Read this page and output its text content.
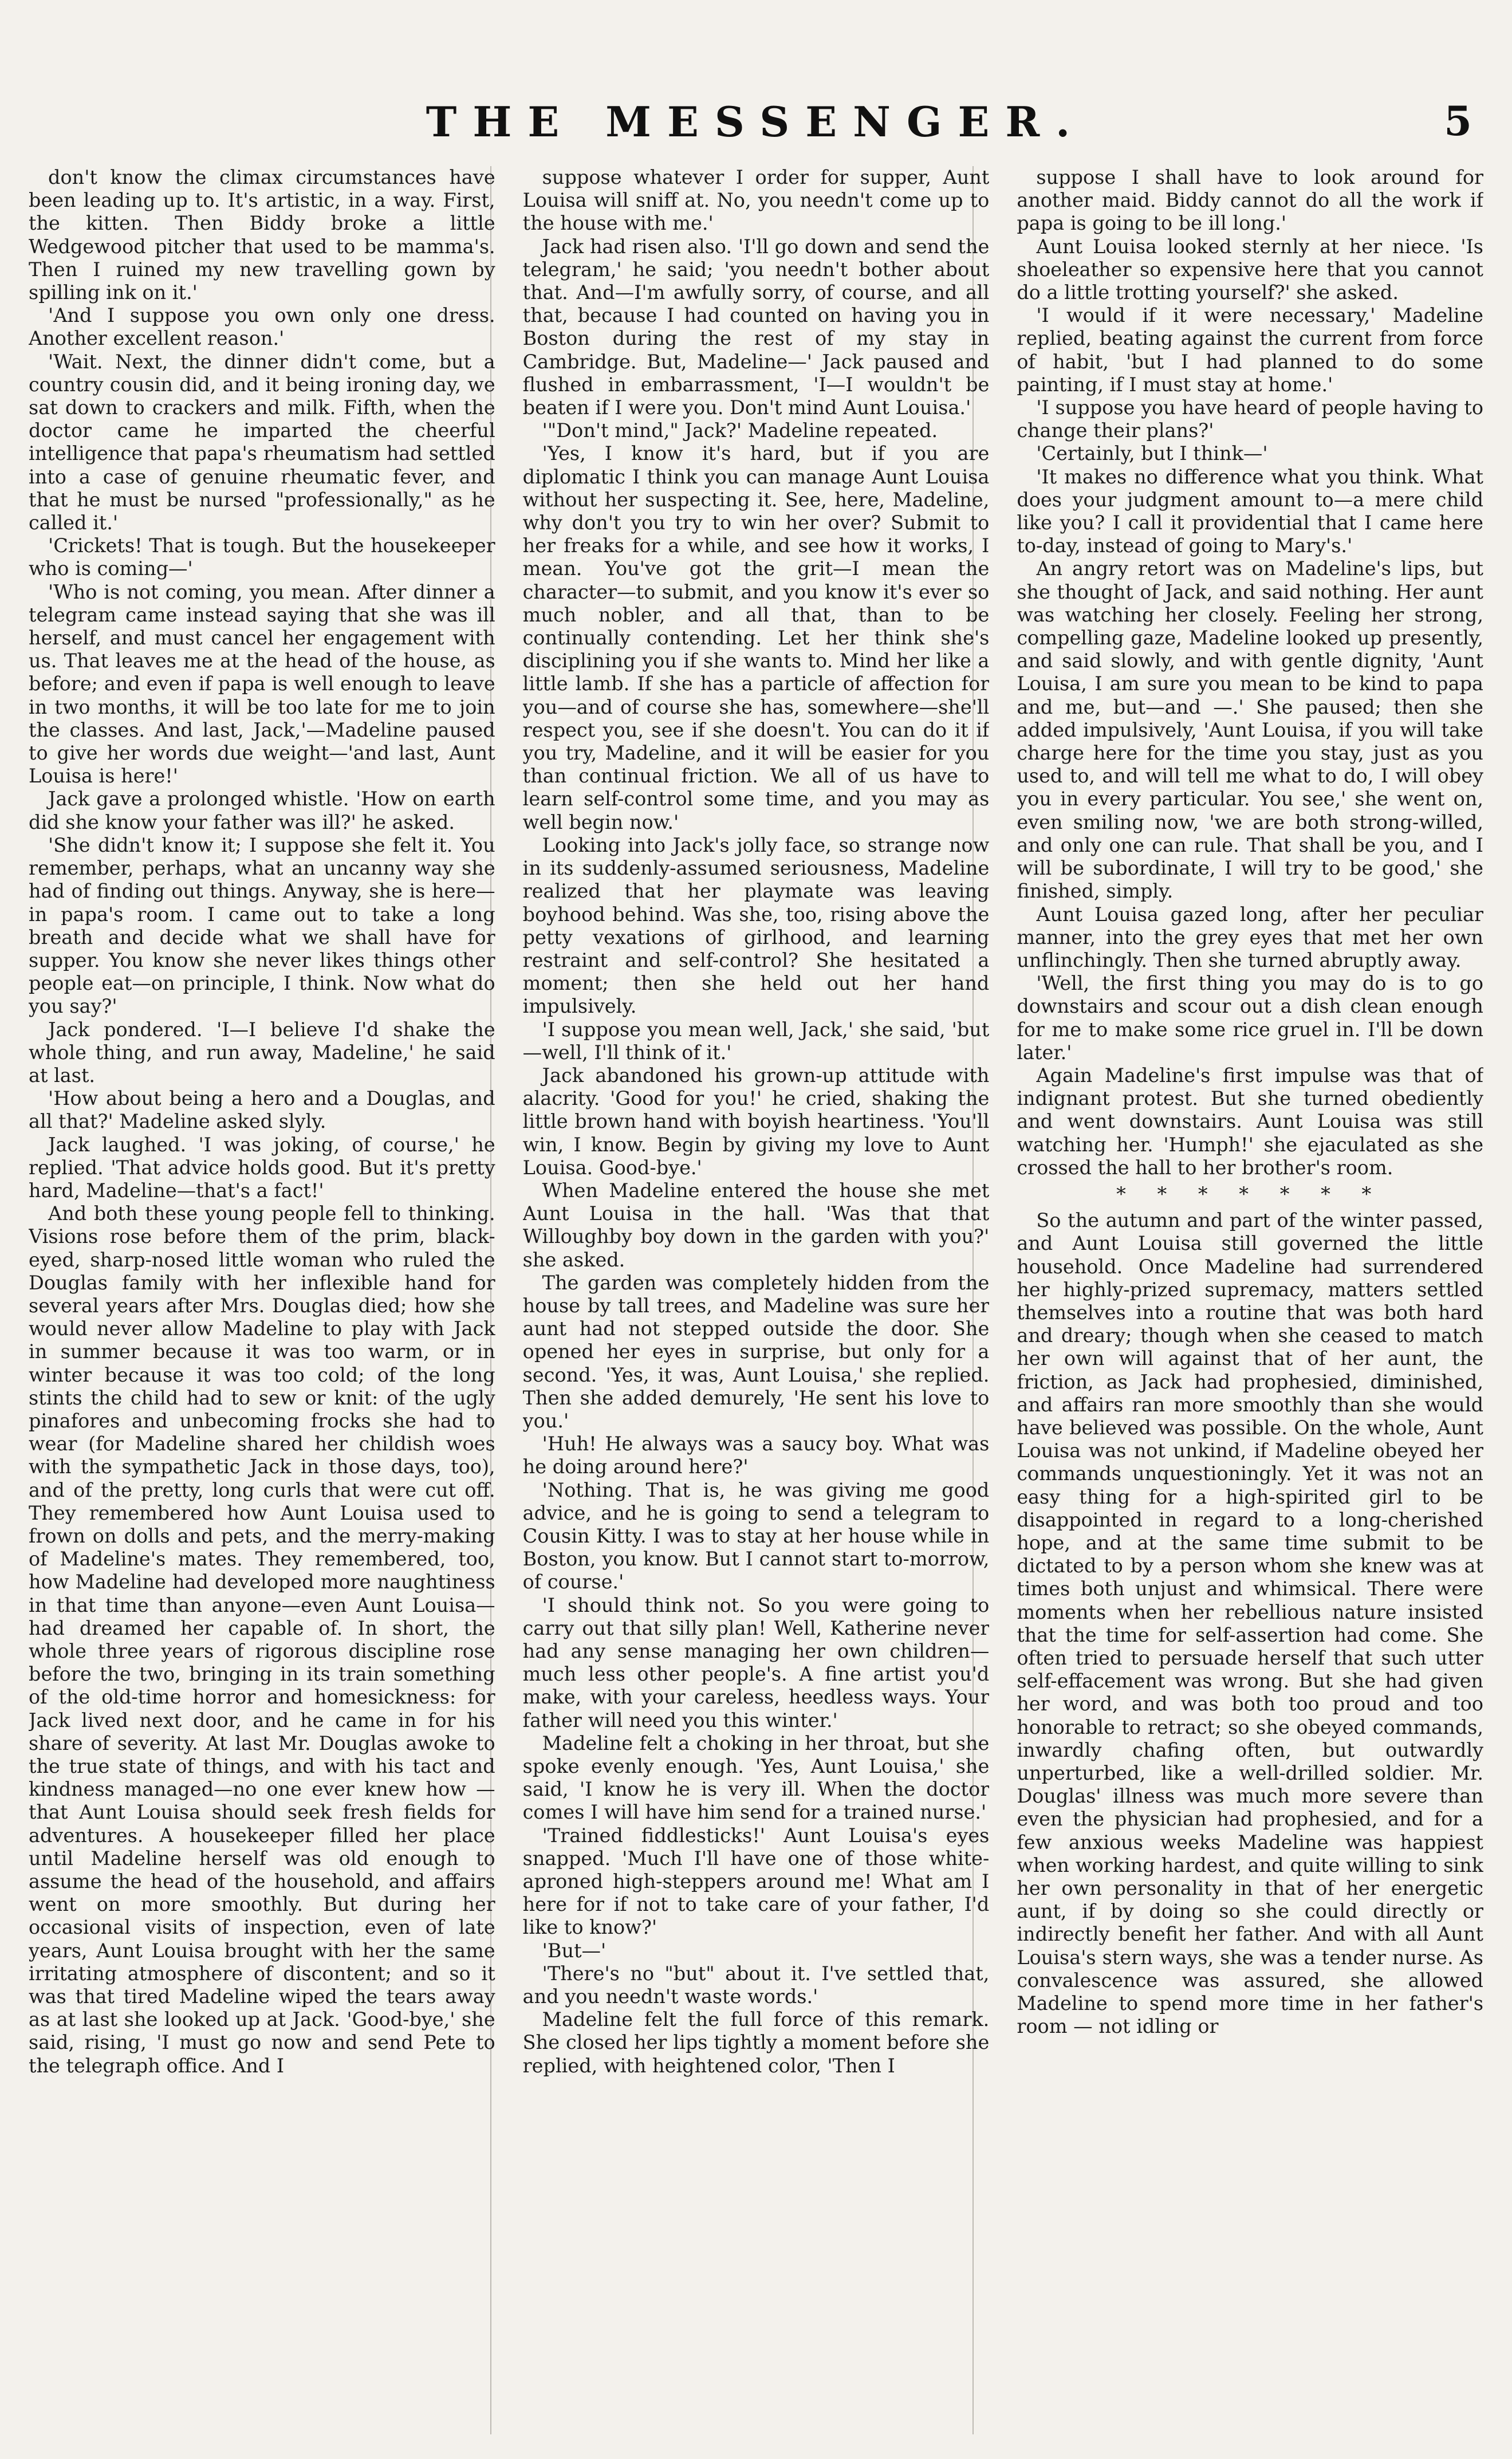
THE MESSENGER.	5

don't know the climax circumstances have been leading up to. It's artistic, in a way. First, the kitten. Then Biddy broke a little Wedgewood pitcher that used to be mamma's. Then I ruined my new travelling gown by spilling ink on it.'

'And I suppose you own only one dress. Another excellent reason.'

'Wait. Next, the dinner didn't come, but a country cousin did, and it being ironing day, we sat down to crackers and milk. Fifth, when the doctor came he imparted the cheerful intelligence that papa's rheumatism had settled into a case of genuine rheumatic fever, and that he must be nursed "professionally," as he called it.'

'Crickets! That is tough. But the housekeeper who is coming—'

'Who is not coming, you mean. After dinner a telegram came instead saying that she was ill herself, and must cancel her engagement with us. That leaves me at the head of the house, as before; and even if papa is well enough to leave in two months, it will be too late for me to join the classes. And last, Jack,'—Madeline paused to give her words due weight—'and last, Aunt Louisa is here!'

Jack gave a prolonged whistle. 'How on earth did she know your father was ill?' he asked.

'She didn't know it; I suppose she felt it. You remember, perhaps, what an uncanny way she had of finding out things. Anyway, she is here—in papa's room. I came out to take a long breath and decide what we shall have for supper. You know she never likes things other people eat—on principle, I think. Now what do you say?'

Jack pondered. 'I—I believe I'd shake the whole thing, and run away, Madeline,' he said at last.

'How about being a hero and a Douglas, and all that?' Madeline asked slyly.

Jack laughed. 'I was joking, of course,' he replied. 'That advice holds good. But it's pretty hard, Madeline—that's a fact!'

And both these young people fell to thinking. Visions rose before them of the prim, black-eyed, sharp-nosed little woman who ruled the Douglas family with her inflexible hand for several years after Mrs. Douglas died; how she would never allow Madeline to play with Jack in summer because it was too warm, or in winter because it was too cold; of the long stints the child had to sew or knit: of the ugly pinafores and unbecoming frocks she had to wear (for Madeline shared her childish woes with the sympathetic Jack in those days, too), and of the pretty, long curls that were cut off. They remembered how Aunt Louisa used to frown on dolls and pets, and the merry-making of Madeline's mates. They remembered, too, how Madeline had developed more naughtiness in that time than anyone—even Aunt Louisa—had dreamed her capable of. In short, the whole three years of rigorous discipline rose before the two, bringing in its train something of the old-time horror and homesickness: for Jack lived next door, and he came in for his share of severity. At last Mr. Douglas awoke to the true state of things, and with his tact and kindness managed—no one ever knew how — that Aunt Louisa should seek fresh fields for adventures. A housekeeper filled her place until Madeline herself was old enough to assume the head of the household, and affairs went on more smoothly. But during her occasional visits of inspection, even of late years, Aunt Louisa brought with her the same irritating atmosphere of discontent; and so it was that tired Madeline wiped the tears away as at last she looked up at Jack. 'Good-bye,' she said, rising, 'I must go now and send Pete to the telegraph office. And I

suppose whatever I order for supper, Aunt Louisa will sniff at. No, you needn't come up to the house with me.'

Jack had risen also. 'I'll go down and send the telegram,' he said; 'you needn't bother about that. And—I'm awfully sorry, of course, and all that, because I had counted on having you in Boston during the rest of my stay in Cambridge. But, Madeline—' Jack paused and flushed in embarrassment, 'I—I wouldn't be beaten if I were you. Don't mind Aunt Louisa.'

'"Don't mind," Jack?' Madeline repeated.

'Yes, I know it's hard, but if you are diplomatic I think you can manage Aunt Louisa without her suspecting it. See, here, Madeline, why don't you try to win her over? Submit to her freaks for a while, and see how it works, I mean. You've got the grit—I mean the character—to submit, and you know it's ever so much nobler, and all that, than to be continually contending. Let her think she's disciplining you if she wants to. Mind her like a little lamb. If she has a particle of affection for you—and of course she has, somewhere—she'll respect you, see if she doesn't. You can do it if you try, Madeline, and it will be easier for you than continual friction. We all of us have to learn self-control some time, and you may as well begin now.'

Looking into Jack's jolly face, so strange now in its suddenly-assumed seriousness, Madeline realized that her playmate was leaving boyhood behind. Was she, too, rising above the petty vexations of girlhood, and learning restraint and self-control? She hesitated a moment; then she held out her hand impulsively.

'I suppose you mean well, Jack,' she said, 'but—well, I'll think of it.'

Jack abandoned his grown-up attitude with alacrity. 'Good for you!' he cried, shaking the little brown hand with boyish heartiness. 'You'll win, I know. Begin by giving my love to Aunt Louisa. Good-bye.'

When Madeline entered the house she met Aunt Louisa in the hall. 'Was that that Willoughby boy down in the garden with you?' she asked.

The garden was completely hidden from the house by tall trees, and Madeline was sure her aunt had not stepped outside the door. She opened her eyes in surprise, but only for a second. 'Yes, it was, Aunt Louisa,' she replied. Then she added demurely, 'He sent his love to you.'

'Huh! He always was a saucy boy. What was he doing around here?'

'Nothing. That is, he was giving me good advice, and he is going to send a telegram to Cousin Kitty. I was to stay at her house while in Boston, you know. But I cannot start to-morrow, of course.'

'I should think not. So you were going to carry out that silly plan! Well, Katherine never had any sense managing her own children—much less other people's. A fine artist you'd make, with your careless, heedless ways. Your father will need you this winter.'

Madeline felt a choking in her throat, but she spoke evenly enough. 'Yes, Aunt Louisa,' she said, 'I know he is very ill. When the doctor comes I will have him send for a trained nurse.'

'Trained fiddlesticks!' Aunt Louisa's eyes snapped. 'Much I'll have one of those white-aproned high-steppers around me! What am I here for if not to take care of your father, I'd like to know?'

'But—'

'There's no "but" about it. I've settled that, and you needn't waste words.'

Madeline felt the full force of this remark. She closed her lips tightly a moment before she replied, with heightened color, 'Then I

suppose I shall have to look around for another maid. Biddy cannot do all the work if papa is going to be ill long.'

Aunt Louisa looked sternly at her niece. 'Is shoeleather so expensive here that you cannot do a little trotting yourself?' she asked.

'I would if it were necessary,' Madeline replied, beating against the current from force of habit, 'but I had planned to do some painting, if I must stay at home.'

'I suppose you have heard of people having to change their plans?'

'Certainly, but I think—'

'It makes no difference what you think. What does your judgment amount to—a mere child like you? I call it providential that I came here to-day, instead of going to Mary's.'

An angry retort was on Madeline's lips, but she thought of Jack, and said nothing. Her aunt was watching her closely. Feeling her strong, compelling gaze, Madeline looked up presently, and said slowly, and with gentle dignity, 'Aunt Louisa, I am sure you mean to be kind to papa and me, but—and —.' She paused; then she added impulsively, 'Aunt Louisa, if you will take charge here for the time you stay, just as you used to, and will tell me what to do, I will obey you in every particular. You see,' she went on, even smiling now, 'we are both strong-willed, and only one can rule. That shall be you, and I will be subordinate, I will try to be good,' she finished, simply.

Aunt Louisa gazed long, after her peculiar manner, into the grey eyes that met her own unflinchingly. Then she turned abruptly away.

'Well, the first thing you may do is to go downstairs and scour out a dish clean enough for me to make some rice gruel in. I'll be down later.'

Again Madeline's first impulse was that of indignant protest. But she turned obediently and went downstairs. Aunt Louisa was still watching her. 'Humph!' she ejaculated as she crossed the hall to her brother's room.

* * * * * * *

So the autumn and part of the winter passed, and Aunt Louisa still governed the little household. Once Madeline had surrendered her highly-prized supremacy, matters settled themselves into a routine that was both hard and dreary; though when she ceased to match her own will against that of her aunt, the friction, as Jack had prophesied, diminished, and affairs ran more smoothly than she would have believed was possible. On the whole, Aunt Louisa was not unkind, if Madeline obeyed her commands unquestioningly. Yet it was not an easy thing for a high-spirited girl to be disappointed in regard to a long-cherished hope, and at the same time submit to be dictated to by a person whom she knew was at times both unjust and whimsical. There were moments when her rebellious nature insisted that the time for self-assertion had come. She often tried to persuade herself that such utter self-effacement was wrong. But she had given her word, and was both too proud and too honorable to retract; so she obeyed commands, inwardly chafing often, but outwardly unperturbed, like a well-drilled soldier. Mr. Douglas' illness was much more severe than even the physician had prophesied, and for a few anxious weeks Madeline was happiest when working hardest, and quite willing to sink her own personality in that of her energetic aunt, if by doing so she could directly or indirectly benefit her father. And with all Aunt Louisa's stern ways, she was a tender nurse. As convalescence was assured, she allowed Madeline to spend more time in her father's room — not idling or
